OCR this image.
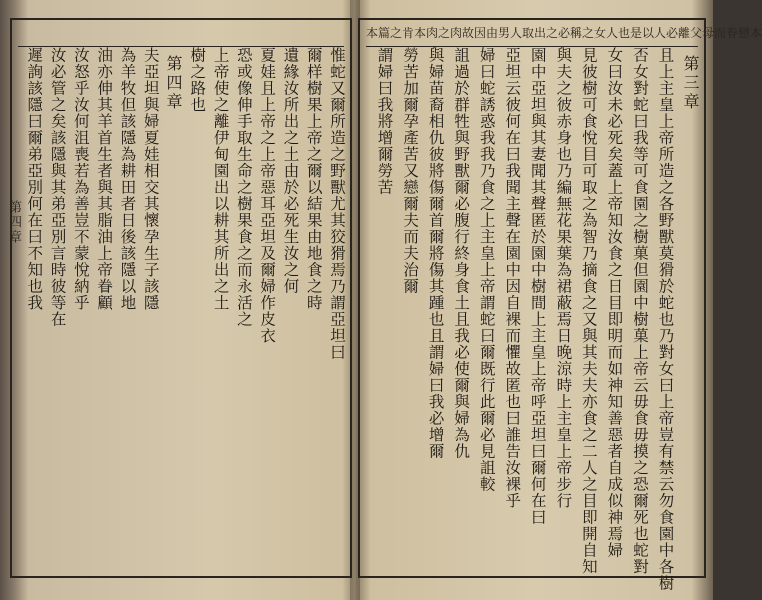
第四章	惟蛇又爾所造之野獸尤其狡猾焉乃謂亞坦曰
爾样樹果上帝之爾以結果由地食之時
遺緣汝所出之土由於必死生汝之何
夏娃且上帝之上帝惡耳亞坦及爾婦作皮衣
恐或像伸手取生命之樹果食之而永活之
上帝使之離伊甸園出以耕其所出之土
樹之路也
第四章
夫亞坦與婦夏娃相交其懷孕生子該隱
為羊牧但該隱為耕田者日後該隱以地
油亦伸其羊首生者與其脂油上帝眷顧
汝怒乎汝何沮喪若為善豈不蒙悅納乎
汝必管之矣該隱與其弟亞別言時彼等在
遲詢該隱曰爾弟亞別何在曰不知也我
本篇之肯本肉之肉故因由男人取出之必稱之女人也是以人必離父母而眷戀本
第三章
且上主皇上帝所造之各野獸莫猾於蛇也乃對女曰上帝豈有禁云勿食園中各樹
否女對蛇曰我等可食園之樹菓但園中樹菓上帝云毋食毋摸之恐爾死也蛇對
女曰汝未必死矣蓋上帝知汝食之日目即明而如神知善惡者自成似神焉婦
見彼樹可食悅目可取之為智乃摘食之又與其夫夫亦食之二人之目即開自知
與夫之彼赤身也乃編無花果葉為裙蔽焉日晚涼時上主皇上帝步行
園中亞坦與其妻聞其聲匿於園中樹間上主皇上帝呼亞坦曰爾何在曰
亞坦云彼何在曰我聞主聲在園中因自裸而懼故匿也曰誰告汝裸乎
婦曰蛇誘惑我我乃食之上主皇上帝謂蛇曰爾既行此爾必見詛較
詛過於群牲與野獸爾必腹行終身食土且我必使爾與婦為仇
與婦苗裔相仇彼將傷爾首爾將傷其踵也且謂婦曰我必增爾
勞苦加爾孕產苦又戀爾夫而夫治爾
謂婦曰我將增爾勞苦
